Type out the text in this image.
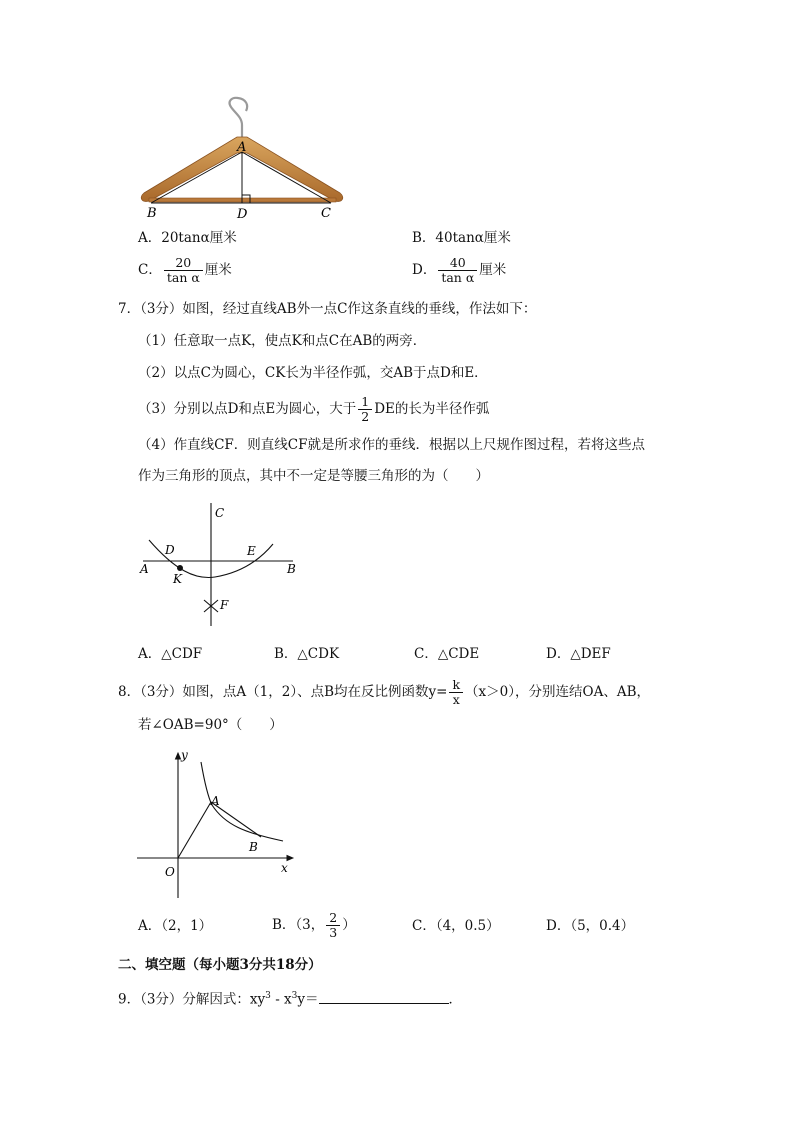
A
B	D	C
A．20tanα厘米	B．40tanα厘米
C． $\frac{20}{\text{tan α}}$ 厘米	D． $\frac{40}{\text{tan α}}$ 厘米
7．（3分）如图，经过直线AB外一点C作这条直线的垂线，作法如下：
（1）任意取一点K，使点K和点C在AB的两旁．
（2）以点C为圆心，CK长为半径作弧，交AB于点D和E．
（3）分别以点D和点E为圆心，大于 $\frac{1}{2}$ DE的长为半径作弧
（4）作直线CF．则直线CF就是所求作的垂线．根据以上尺规作图过程，若将这些点
作为三角形的顶点，其中不一定是等腰三角形的为（　　）
C
D	E
A	B
K
F
A．△CDF	B．△CDK	C．△CDE	D．△DEF
8．（3分）如图，点A（1，2）、点B均在反比例函数$y= \frac{k}{x} (x>0)$，分别连结OA、AB，
若∠OAB=90°（　　）
y
x
O
A
B
A．（2，1）	B．（3， $\frac{2}{3}$ ）	C．（4，0.5）	D．（5，0.4）
二、填空题（每小题3分共18分）
9．（3分）分解因式：$xy^3 - x^3y=$	．
